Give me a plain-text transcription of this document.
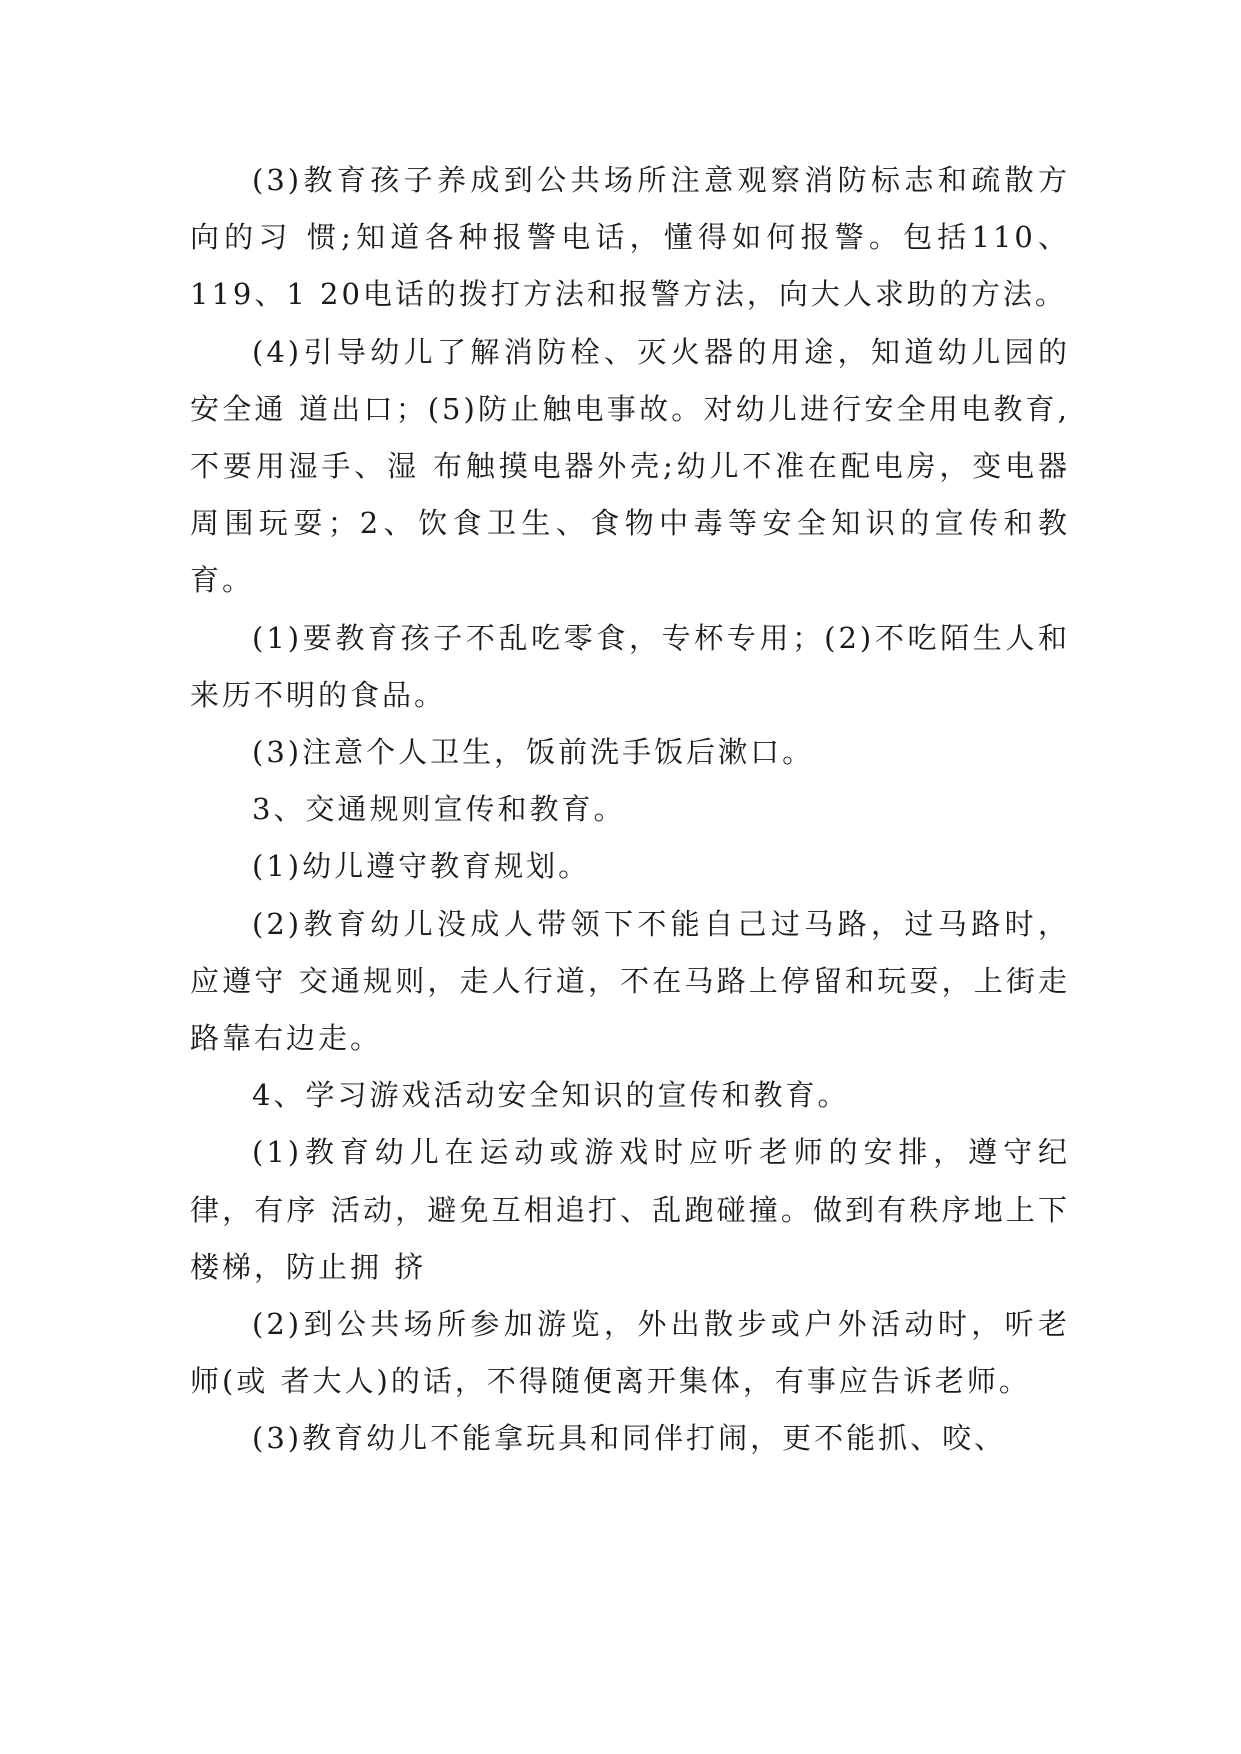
(3)教育孩子养成到公共场所注意观察消防标志和疏散方向的习 惯;知道各种报警电话，懂得如何报警。包括110、119、1 20电话的拨打方法和报警方法，向大人求助的方法。

(4)引导幼儿了解消防栓、灭火器的用途，知道幼儿园的安全通 道出口；(5)防止触电事故。对幼儿进行安全用电教育,不要用湿手、湿 布触摸电器外壳;幼儿不准在配电房，变电器周围玩耍；2、饮食卫生、食物中毒等安全知识的宣传和教育。

(1)要教育孩子不乱吃零食，专杯专用；(2)不吃陌生人和来历不明的食品。

(3)注意个人卫生，饭前洗手饭后漱口。

3、交通规则宣传和教育。

(1)幼儿遵守教育规划。

(2)教育幼儿没成人带领下不能自己过马路，过马路时，应遵守 交通规则，走人行道，不在马路上停留和玩耍，上街走路靠右边走。

4、学习游戏活动安全知识的宣传和教育。

(1)教育幼儿在运动或游戏时应听老师的安排，遵守纪律，有序 活动，避免互相追打、乱跑碰撞。做到有秩序地上下楼梯，防止拥 挤

(2)到公共场所参加游览，外出散步或户外活动时，听老师(或 者大人)的话，不得随便离开集体，有事应告诉老师。

(3)教育幼儿不能拿玩具和同伴打闹，更不能抓、咬、
